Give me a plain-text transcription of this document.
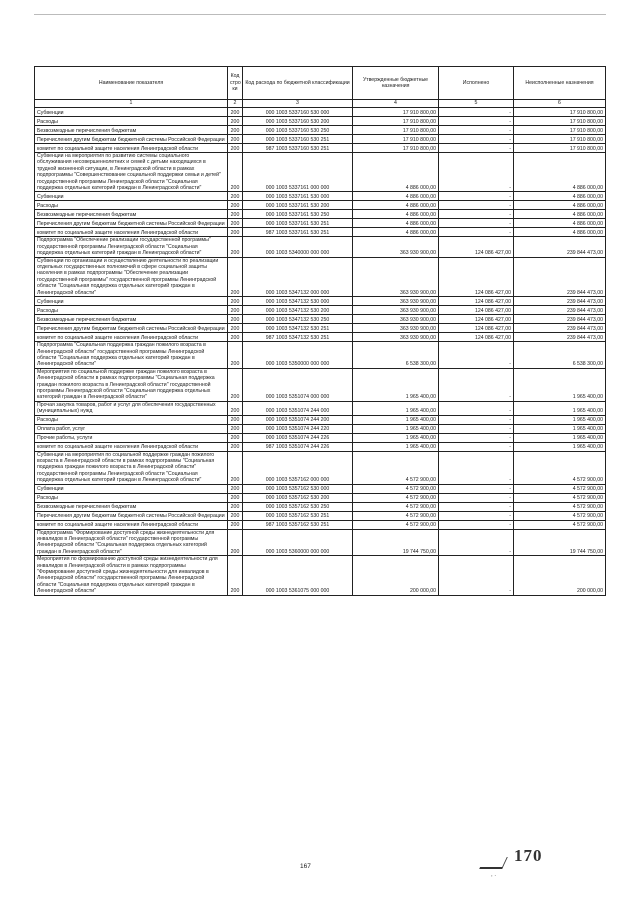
Наименование показателя	Код стро ки	Код расхода по бюджетной классификации	Утвержденные бюджетные назначения	Исполнено	Неисполненные назначения
1	2	3	4	5	6
Субвенции	200	000 1003 5337160 530 000	17 910 800,00	-	17 910 800,00
Расходы	200	000 1003 5337160 530 200	17 910 800,00	-	17 910 800,00
Безвозмездные перечисления бюджетам	200	000 1003 5337160 530 250	17 910 800,00	-	17 910 800,00
Перечисления другим бюджетам бюджетной системы Российской Федерации	200	000 1003 5337160 530 251	17 910 800,00	-	17 910 800,00
комитет по социальной защите населения Ленинградской области	200	987 1003 5337160 530 251	17 910 800,00	-	17 910 800,00
Субвенции на мероприятия по развитию системы социального обслуживания несовершеннолетних и семей с детьми находящихся в трудной жизненной ситуации, в Ленинградской области в рамках подпрограммы "Совершенствование социальной поддержки семьи и детей" государственной программы Ленинградской области "Социальная поддержка отдельных категорий граждан в Ленинградской области"	200	000 1003 5337161 000 000	4 886 000,00	-	4 886 000,00
Субвенции	200	000 1003 5337161 530 000	4 886 000,00	-	4 886 000,00
Расходы	200	000 1003 5337161 530 200	4 886 000,00	-	4 886 000,00
Безвозмездные перечисления бюджетам	200	000 1003 5337161 530 250	4 886 000,00	-	4 886 000,00
Перечисления другим бюджетам бюджетной системы Российской Федерации	200	000 1003 5337161 530 251	4 886 000,00	-	4 886 000,00
комитет по социальной защите населения Ленинградской области	200	987 1003 5337161 530 251	4 886 000,00	-	4 886 000,00
Подпрограмма "Обеспечение реализации государственной программы" государственной программы Ленинградской области "Социальная поддержка отдельных категорий граждан в Ленинградской области"	200	000 1003 5340000 000 000	363 930 900,00	124 086 427,00	239 844 473,00
Субвенции по организации и осуществлению деятельности по реализации отдельных государственных полномочий в сфере социальной защиты населения в рамках подпрограммы "Обеспечение реализации государственной программы" государственной программы Ленинградской области "Социальная поддержка отдельных категорий граждан в Ленинградской области"	200	000 1003 5347132 000 000	363 930 900,00	124 086 427,00	239 844 473,00
Субвенции	200	000 1003 5347132 530 000	363 930 900,00	124 086 427,00	239 844 473,00
Расходы	200	000 1003 5347132 530 200	363 930 900,00	124 086 427,00	239 844 473,00
Безвозмездные перечисления бюджетам	200	000 1003 5347132 530 250	363 930 900,00	124 086 427,00	239 844 473,00
Перечисления другим бюджетам бюджетной системы Российской Федерации	200	000 1003 5347132 530 251	363 930 900,00	124 086 427,00	239 844 473,00
комитет по социальной защите населения Ленинградской области	200	987 1003 5347132 530 251	363 930 900,00	124 086 427,00	239 844 473,00
Подпрограмма "Социальная поддержка граждан пожилого возраста в Ленинградской области" государственной программы Ленинградской области "Социальная поддержка отдельных категорий граждан в Ленинградской области"	200	000 1003 5350000 000 000	6 538 300,00	-	6 538 300,00
Мероприятия по социальной поддержке граждан пожилого возраста в Ленинградской области в рамках подпрограммы "Социальная поддержка граждан пожилого возраста в Ленинградской области" государственной программы Ленинградской области "Социальная поддержка отдельных категорий граждан в Ленинградской области"	200	000 1003 5351074 000 000	1 965 400,00	-	1 965 400,00
Прочая закупка товаров, работ и услуг для обеспечения государственных (муниципальных) нужд	200	000 1003 5351074 244 000	1 965 400,00	-	1 965 400,00
Расходы	200	000 1003 5351074 244 200	1 965 400,00	-	1 965 400,00
Оплата работ, услуг	200	000 1003 5351074 244 220	1 965 400,00	-	1 965 400,00
Прочие работы, услуги	200	000 1003 5351074 244 226	1 965 400,00	-	1 965 400,00
комитет по социальной защите населения Ленинградской области	200	987 1003 5351074 244 226	1 965 400,00	-	1 965 400,00
Субвенции на мероприятия по социальной поддержке граждан пожилого возраста в Ленинградской области в рамках подпрограммы "Социальная поддержка граждан пожилого возраста в Ленинградской области" государственной программы Ленинградской области "Социальная поддержка отдельных категорий граждан в Ленинградской области"	200	000 1003 5357162 000 000	4 572 900,00	-	4 572 900,00
Субвенции	200	000 1003 5357162 530 000	4 572 900,00	-	4 572 900,00
Расходы	200	000 1003 5357162 530 200	4 572 900,00	-	4 572 900,00
Безвозмездные перечисления бюджетам	200	000 1003 5357162 530 250	4 572 900,00	-	4 572 900,00
Перечисления другим бюджетам бюджетной системы Российской Федерации	200	000 1003 5357162 530 251	4 572 900,00	-	4 572 900,00
комитет по социальной защите населения Ленинградской области	200	987 1003 5357162 530 251	4 572 900,00	-	4 572 900,00
Подпрограмма "Формирование доступной среды жизнедеятельности для инвалидов в Ленинградской области" государственной программы Ленинградской области "Социальная поддержка отдельных категорий граждан в Ленинградской области"	200	000 1003 5360000 000 000	19 744 750,00	-	19 744 750,00
Мероприятия по формированию доступной среды жизнедеятельности для инвалидов в Ленинградской области в рамках подпрограммы "Формирование доступной среды жизнедеятельности для инвалидов в Ленинградской области" государственной программы Ленинградской области "Социальная поддержка отдельных категорий граждан в Ленинградской области"	200	000 1003 5361075 000 000	200 000,00	-	200 000,00
170
, .
167
